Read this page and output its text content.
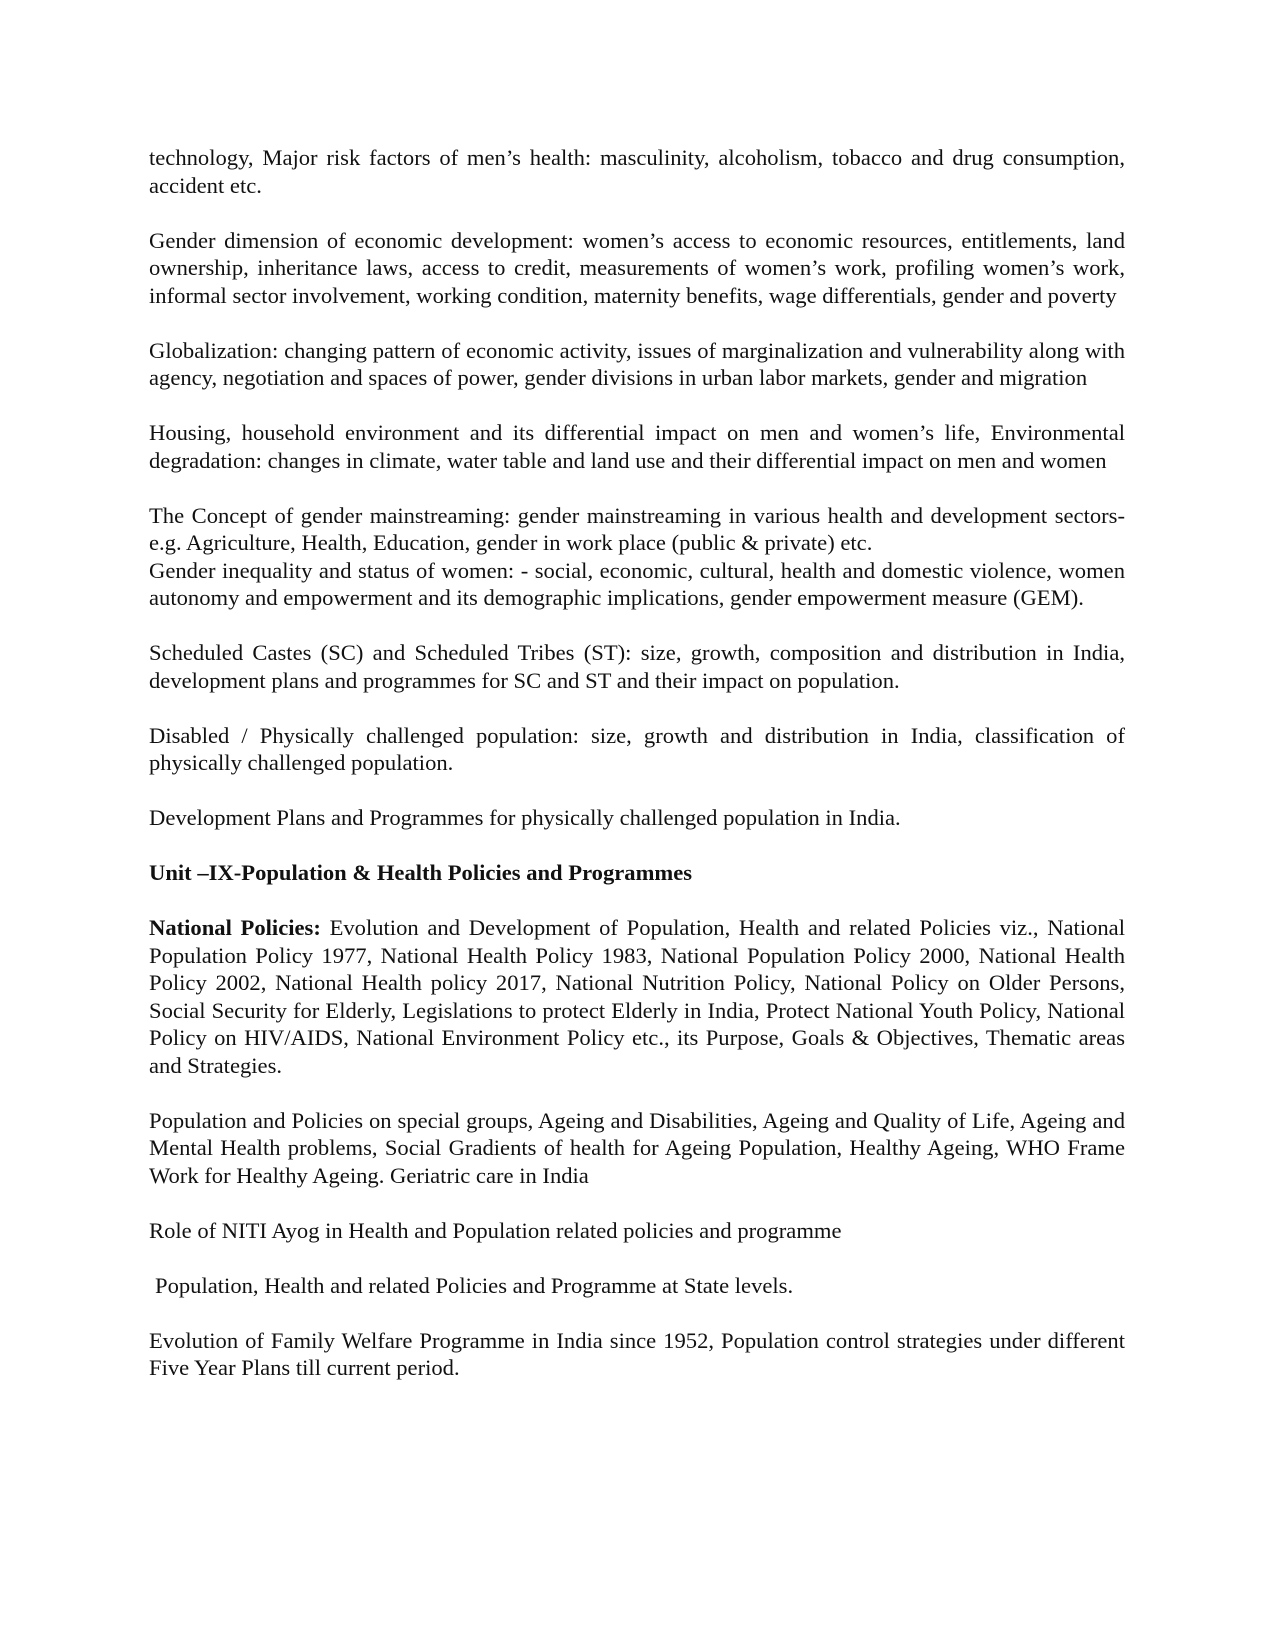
technology, Major risk factors of men’s health: masculinity, alcoholism, tobacco and drug consumption, accident etc.

Gender dimension of economic development: women’s access to economic resources, entitlements, land ownership, inheritance laws, access to credit, measurements of women’s work, profiling women’s work, informal sector involvement, working condition, maternity benefits, wage differentials, gender and poverty

Globalization: changing pattern of economic activity, issues of marginalization and vulnerability along with agency, negotiation and spaces of power, gender divisions in urban labor markets, gender and migration

Housing, household environment and its differential impact on men and women’s life, Environmental degradation: changes in climate, water table and land use and their differential impact on men and women

The Concept of gender mainstreaming: gender mainstreaming in various health and development sectors- e.g. Agriculture, Health, Education, gender in work place (public & private) etc.

Gender inequality and status of women: - social, economic, cultural, health and domestic violence, women autonomy and empowerment and its demographic implications, gender empowerment measure (GEM).

Scheduled Castes (SC) and Scheduled Tribes (ST): size, growth, composition and distribution in India, development plans and programmes for SC and ST and their impact on population.

Disabled / Physically challenged population: size, growth and distribution in India, classification of physically challenged population.

Development Plans and Programmes for physically challenged population in India.

Unit –IX-Population & Health Policies and Programmes

National Policies: Evolution and Development of Population, Health and related Policies viz., National Population Policy 1977, National Health Policy 1983, National Population Policy 2000, National Health Policy 2002, National Health policy 2017, National Nutrition Policy, National Policy on Older Persons, Social Security for Elderly, Legislations to protect Elderly in India, Protect National Youth Policy, National Policy on HIV/AIDS, National Environment Policy etc., its Purpose, Goals & Objectives, Thematic areas and Strategies.

Population and Policies on special groups, Ageing and Disabilities, Ageing and Quality of Life, Ageing and Mental Health problems, Social Gradients of health for Ageing Population, Healthy Ageing, WHO Frame Work for Healthy Ageing. Geriatric care in India

Role of NITI Ayog in Health and Population related policies and programme

Population, Health and related Policies and Programme at State levels.

Evolution of Family Welfare Programme in India since 1952, Population control strategies under different Five Year Plans till current period.
